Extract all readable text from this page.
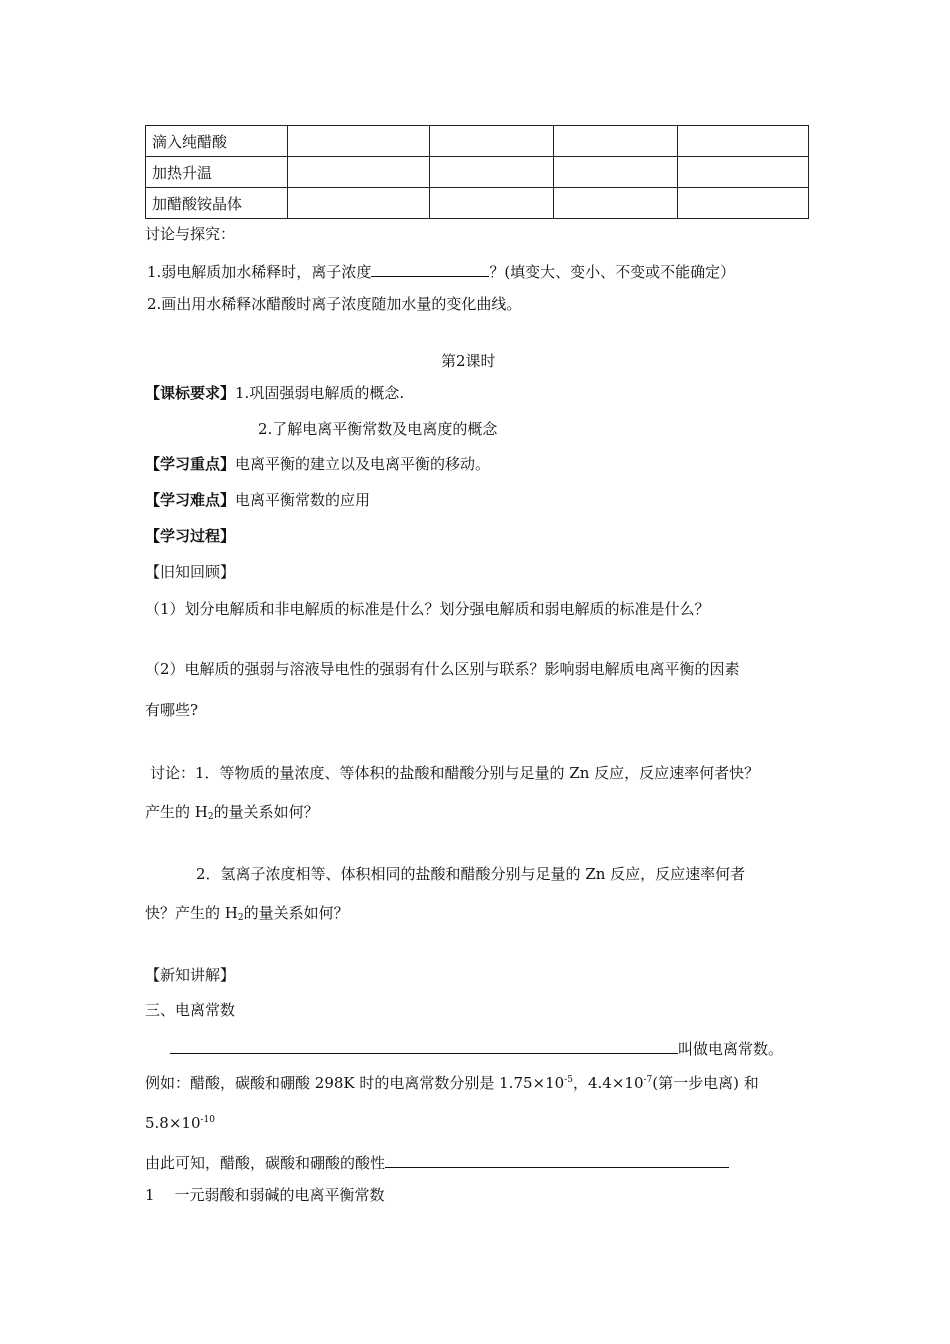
滴入纯醋酸				
加热升温				
加醋酸铵晶体				
讨论与探究：
1.弱电解质加水稀释时，离子浓度	？(填变大、变小、不变或不能确定）
2.画出用水稀释冰醋酸时离子浓度随加水量的变化曲线。
第2课时
【课标要求】1.巩固强弱电解质的概念.
2.了解电离平衡常数及电离度的概念
【学习重点】电离平衡的建立以及电离平衡的移动。
【学习难点】电离平衡常数的应用
【学习过程】
【旧知回顾】
（1）划分电解质和非电解质的标准是什么？划分强电解质和弱电解质的标准是什么？
（2）电解质的强弱与溶液导电性的强弱有什么区别与联系？影响弱电解质电离平衡的因素
有哪些?
讨论：1．等物质的量浓度、等体积的盐酸和醋酸分别与足量的 Zn 反应，反应速率何者快？
产生的 $H_2$的量关系如何？
2．氢离子浓度相等、体积相同的盐酸和醋酸分别与足量的 Zn 反应，反应速率何者
快？产生的 $H_2$的量关系如何？
【新知讲解】
三、电离常数
叫做电离常数。
例如：醋酸，碳酸和硼酸 298K 时的电离常数分别是 $1.75\times 10^{-5}$，$4.4\times 10^{-7}$(第一步电离) 和
$5.8\times 10^{-10}$
由此可知，醋酸，碳酸和硼酸的酸性
1 一元弱酸和弱碱的电离平衡常数
